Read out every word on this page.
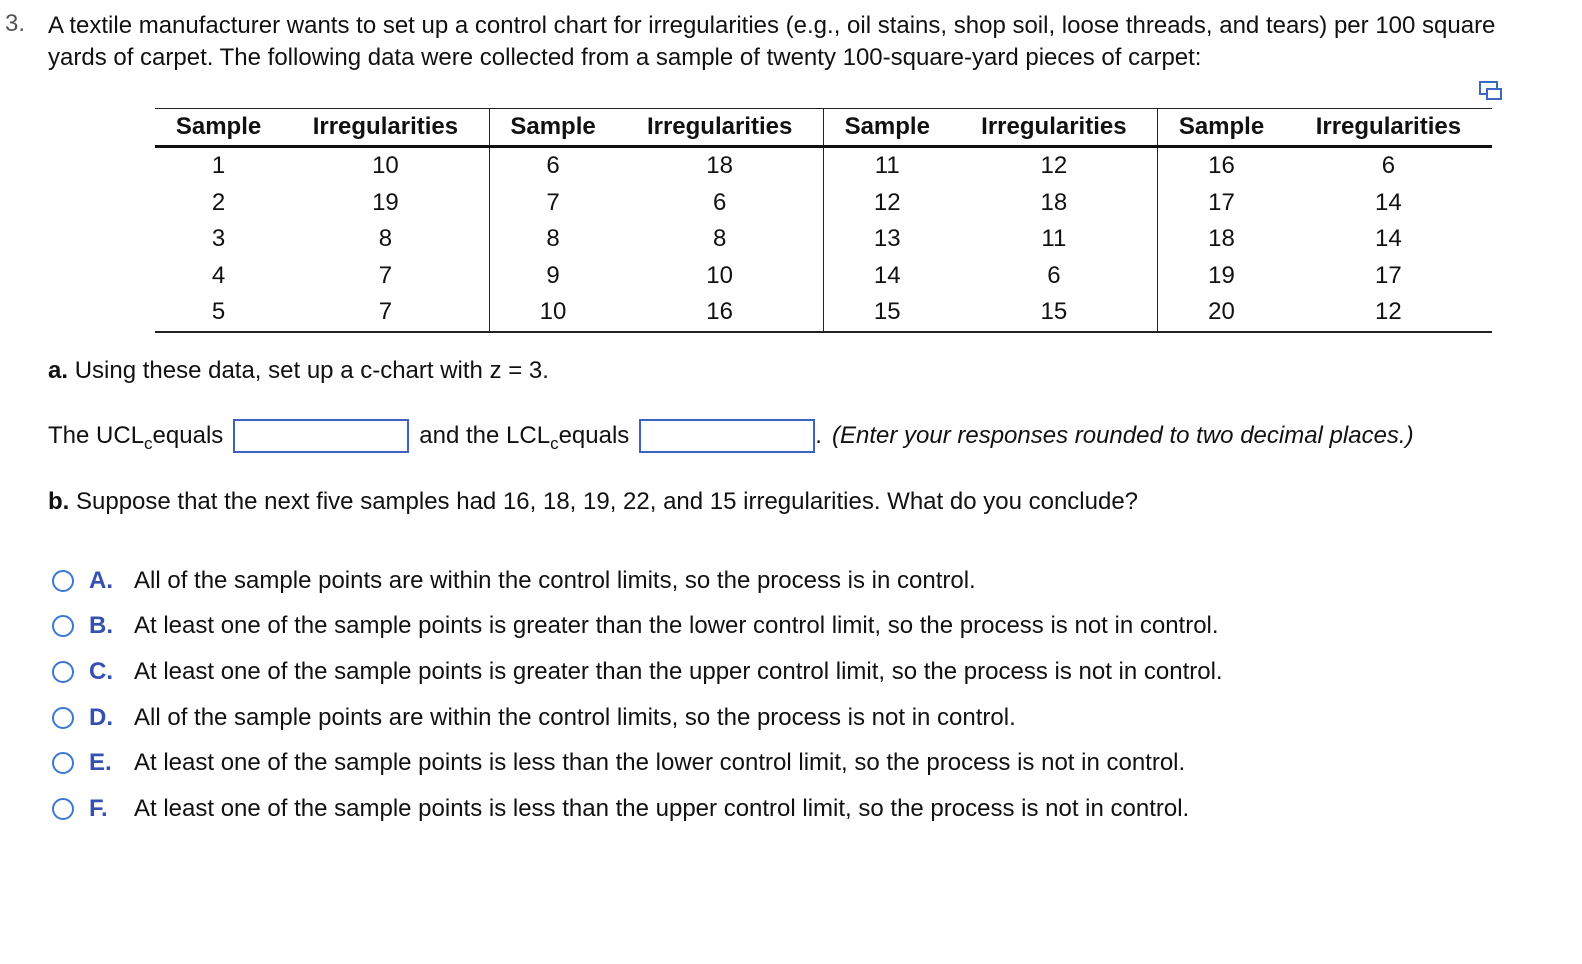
3. A textile manufacturer wants to set up a control chart for irregularities (e.g., oil stains, shop soil, loose threads, and tears) per 100 square yards of carpet. The following data were collected from a sample of twenty 100-square-yard pieces of carpet:
Sample	Irregularities	Sample	Irregularities	Sample	Irregularities	Sample	Irregularities
1	10	6	18	11	12	16	6
2	19	7	6	12	18	17	14
3	8	8	8	13	11	18	14
4	7	9	10	14	6	19	17
5	7	10	16	15	15	20	12
a. Using these data, set up a c-chart with z = 3.
The UCL c equals	and the LCL c equals	. (Enter your responses rounded to two decimal places.)
b. Suppose that the next five samples had 16, 18, 19, 22, and 15 irregularities. What do you conclude?
A. All of the sample points are within the control limits, so the process is in control.
B. At least one of the sample points is greater than the lower control limit, so the process is not in control.
C. At least one of the sample points is greater than the upper control limit, so the process is not in control.
D. All of the sample points are within the control limits, so the process is not in control.
E. At least one of the sample points is less than the lower control limit, so the process is not in control.
F.	At least one of the sample points is less than the upper control limit, so the process is not in control.
